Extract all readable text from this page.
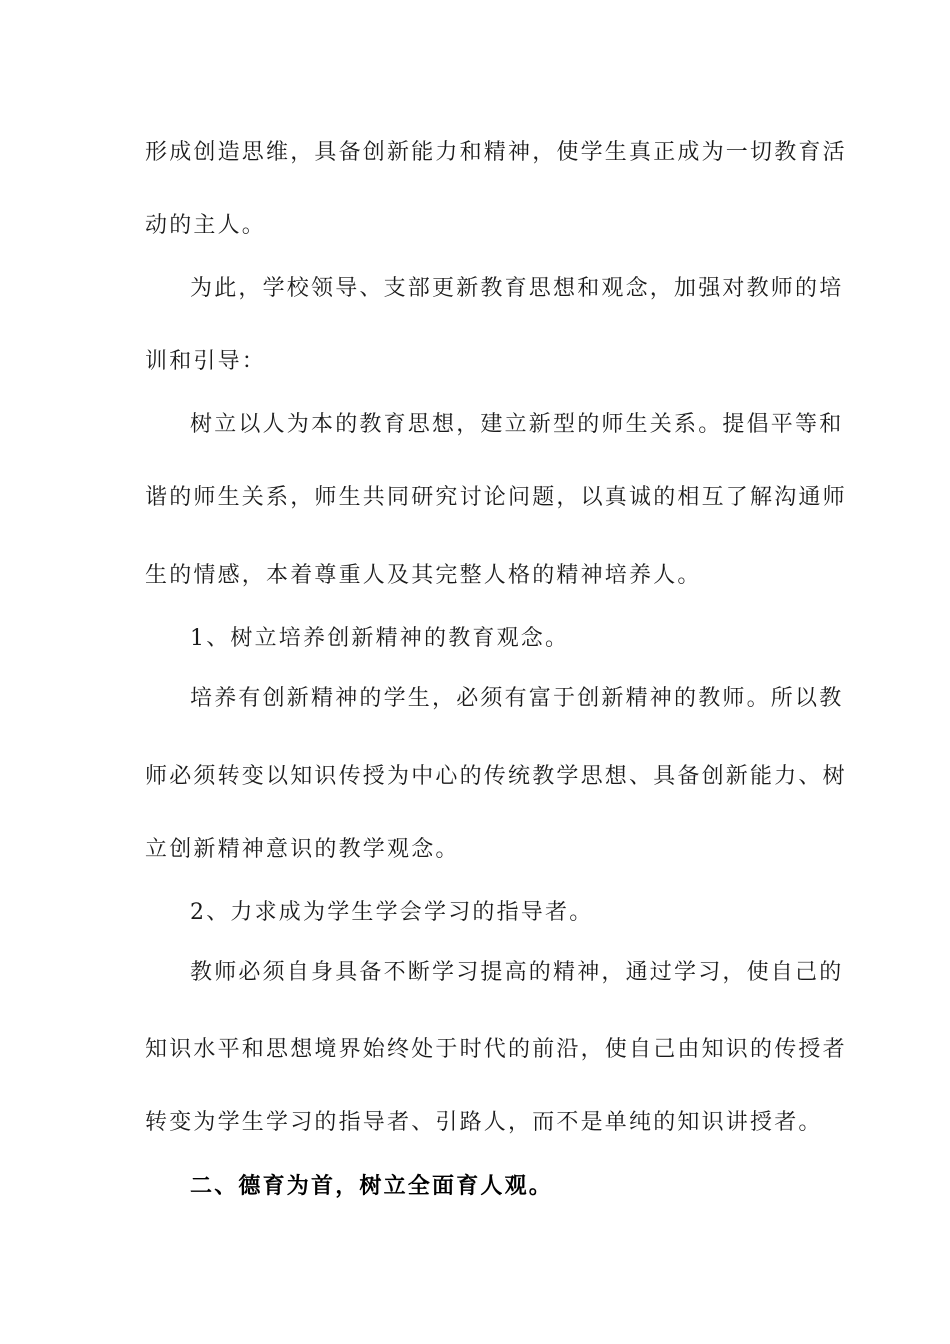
形成创造思维，具备创新能力和精神，使学生真正成为一切教育活
动的主人。
为此，学校领导、支部更新教育思想和观念，加强对教师的培
训和引导：
树立以人为本的教育思想，建立新型的师生关系。提倡平等和
谐的师生关系，师生共同研究讨论问题，以真诚的相互了解沟通师
生的情感，本着尊重人及其完整人格的精神培养人。
1、树立培养创新精神的教育观念。
培养有创新精神的学生，必须有富于创新精神的教师。所以教
师必须转变以知识传授为中心的传统教学思想、具备创新能力、树
立创新精神意识的教学观念。
2、力求成为学生学会学习的指导者。
教师必须自身具备不断学习提高的精神，通过学习，使自己的
知识水平和思想境界始终处于时代的前沿，使自己由知识的传授者
转变为学生学习的指导者、引路人，而不是单纯的知识讲授者。
二、德育为首，树立全面育人观。
